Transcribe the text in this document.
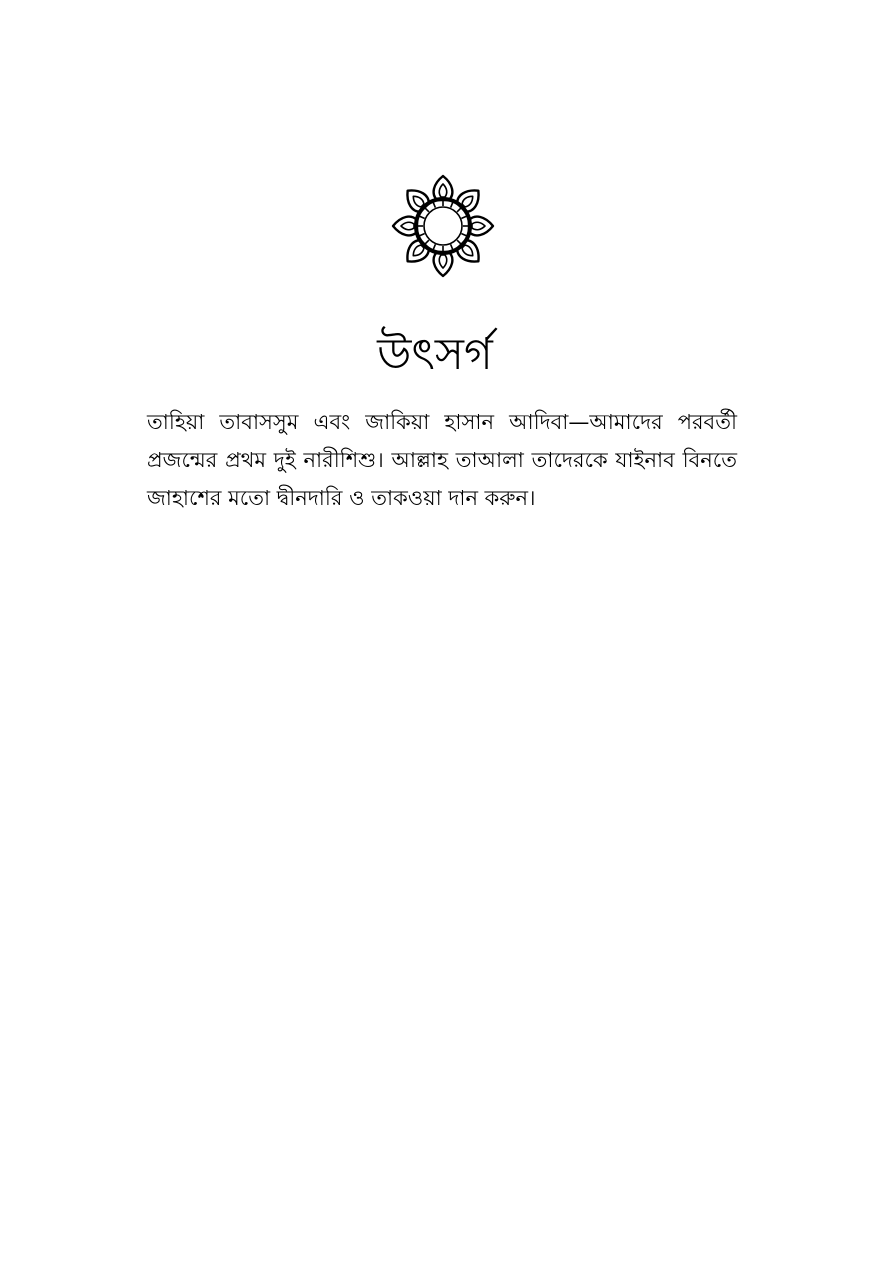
উৎসর্গ

তাহিয়া তাবাসসুম এবং জাকিয়া হাসান আদিবা—আমাদের পরবর্তী প্রজন্মের প্রথম দুই নারীশিশু। আল্লাহ তাআলা তাদেরকে যাইনাব বিনতে জাহাশের মতো দ্বীনদারি ও তাকওয়া দান করুন।
